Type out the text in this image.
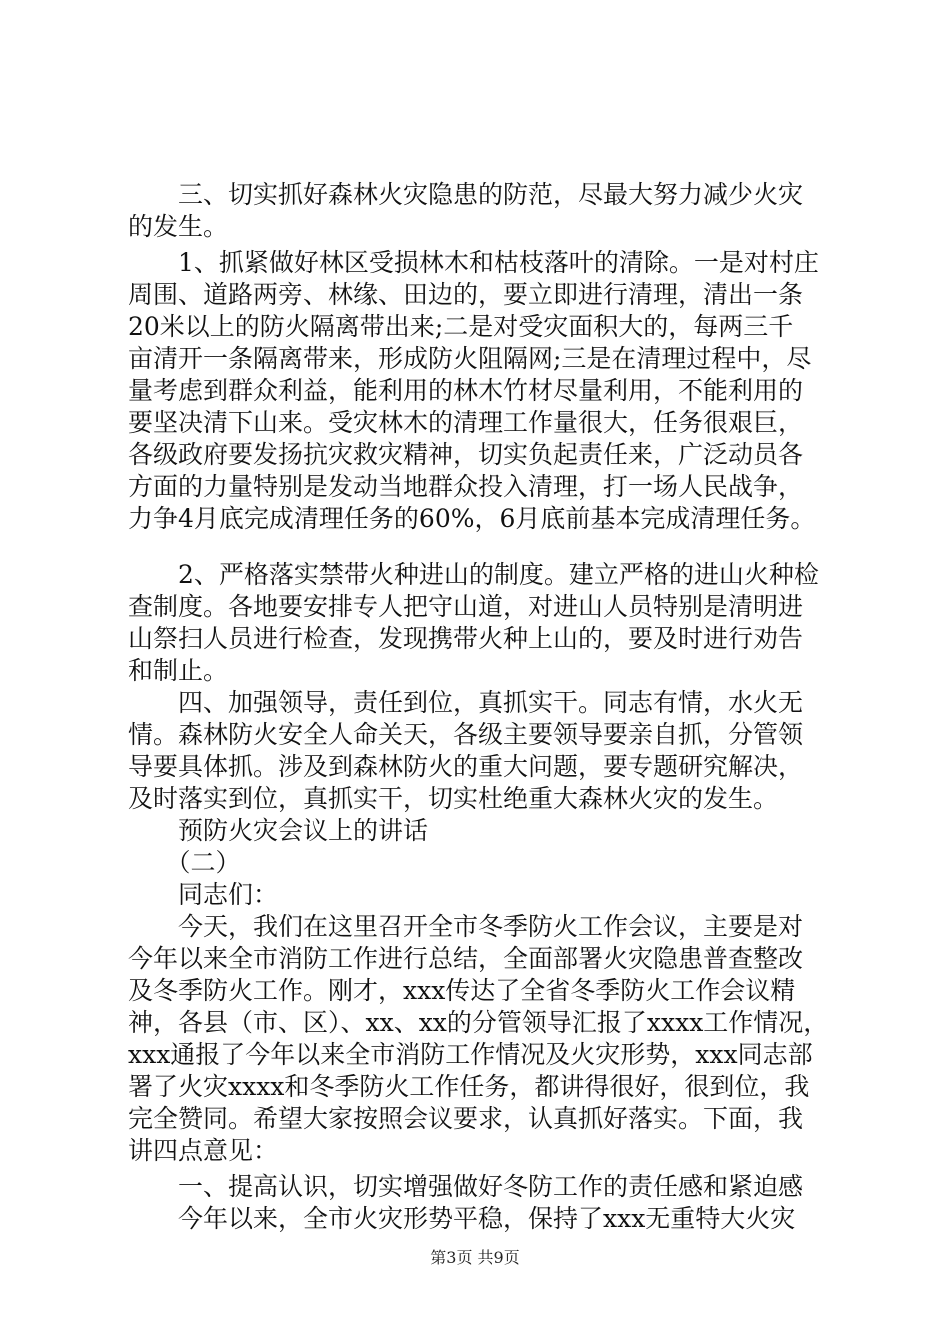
　　三、切实抓好森林火灾隐患的防范，尽最大努力减少火灾
的发生。
　　1、抓紧做好林区受损林木和枯枝落叶的清除。一是对村庄
周围、道路两旁、林缘、田边的，要立即进行清理，清出一条
20米以上的防火隔离带出来;二是对受灾面积大的，每两三千
亩清开一条隔离带来，形成防火阻隔网;三是在清理过程中，尽
量考虑到群众利益，能利用的林木竹材尽量利用，不能利用的
要坚决清下山来。受灾林木的清理工作量很大，任务很艰巨，
各级政府要发扬抗灾救灾精神，切实负起责任来，广泛动员各
方面的力量特别是发动当地群众投入清理，打一场人民战争，
力争4月底完成清理任务的60%，6月底前基本完成清理任务。
　　2、严格落实禁带火种进山的制度。建立严格的进山火种检
查制度。各地要安排专人把守山道，对进山人员特别是清明进
山祭扫人员进行检查，发现携带火种上山的，要及时进行劝告
和制止。
　　四、加强领导，责任到位，真抓实干。同志有情，水火无
情。森林防火安全人命关天，各级主要领导要亲自抓，分管领
导要具体抓。涉及到森林防火的重大问题，要专题研究解决，
及时落实到位，真抓实干，切实杜绝重大森林火灾的发生。
　　预防火灾会议上的讲话
　　（二）
　　同志们：
　　今天，我们在这里召开全市冬季防火工作会议，主要是对
今年以来全市消防工作进行总结，全面部署火灾隐患普查整改
及冬季防火工作。刚才，xxx传达了全省冬季防火工作会议精
神，各县（市、区）、xx、xx的分管领导汇报了xxxx工作情况，
xxx通报了今年以来全市消防工作情况及火灾形势，xxx同志部
署了火灾xxxx和冬季防火工作任务，都讲得很好，很到位，我
完全赞同。希望大家按照会议要求，认真抓好落实。下面，我
讲四点意见：
　　一、提高认识，切实增强做好冬防工作的责任感和紧迫感
　　今年以来，全市火灾形势平稳，保持了xxx无重特大火灾
第3页 共9页
